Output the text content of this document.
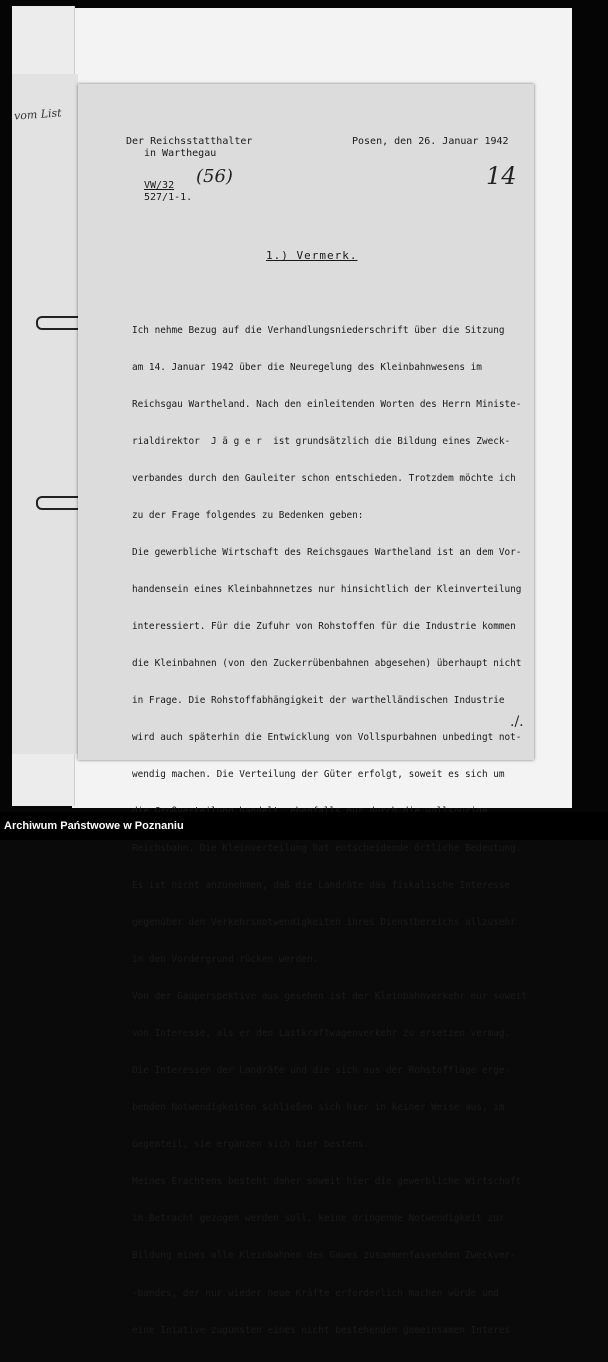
vom List
Der Reichsstatthalter
in Warthegau
Posen, den 26. Januar 1942
VW/32 (56)
527/1-1.
14
1.) Vermerk.

Ich nehme Bezug auf die Verhandlungsniederschrift über die Sitzung

am 14. Januar 1942 über die Neuregelung des Kleinbahnwesens im

Reichsgau Wartheland. Nach den einleitenden Worten des Herrn Ministe-

rialdirektor  J ä g e r  ist grundsätzlich die Bildung eines Zweck-

verbandes durch den Gauleiter schon entschieden. Trotzdem möchte ich

zu der Frage folgendes zu Bedenken geben:

Die gewerbliche Wirtschaft des Reichsgaues Wartheland ist an dem Vor-

handensein eines Kleinbahnnetzes nur hinsichtlich der Kleinverteilung

interessiert. Für die Zufuhr von Rohstoffen für die Industrie kommen

die Kleinbahnen (von den Zuckerrübenbahnen abgesehen) überhaupt nicht

in Frage. Die Rohstoffabhängigkeit der warthelländischen Industrie

wird auch späterhin die Entwicklung von Vollspurbahnen unbedingt not-

wendig machen. Die Verteilung der Güter erfolgt, soweit es sich um

Reichsbahn. Die Kleinverteilung hat entscheidende örtliche Bedeutung.

Es ist nicht anzunehmen, daß die Landräte das fiskalische Interesse

gegenüber den Verkehrsnotwendigkeiten ihres Dienstbereichs allzusehr

in den Vordergrund rücken werden.

Von der Gauperspektive aus gesehen ist der Kleinbahnverkehr nur soweit

von Interesse, als er den Lastkraftwagenverkehr zu ersetzen vermag.

Die Interessen der Landräte und die sich aus der Rohstofflage erge-

benden Notwendigkeiten schließen sich hier in keiner Weise aus, im

Gegenteil, sie ergänzen sich hier bestens.

Meines Erachtens besteht daher soweit hier die gewerbliche Wirtschaft

in Betracht gezogen werden soll, keine dringende Notwendigkeit zur

Bildung eines alle Kleinbahnen des Gaues zusammenfassenden Zweckver-

-bandes, der nur wieder neue Kräfte erforderlich machen würde und

eine Iniative zugunsten eines nicht bestehenden gemeinsamen Interes

./.
Archiwum Państwowe w Poznaniu
